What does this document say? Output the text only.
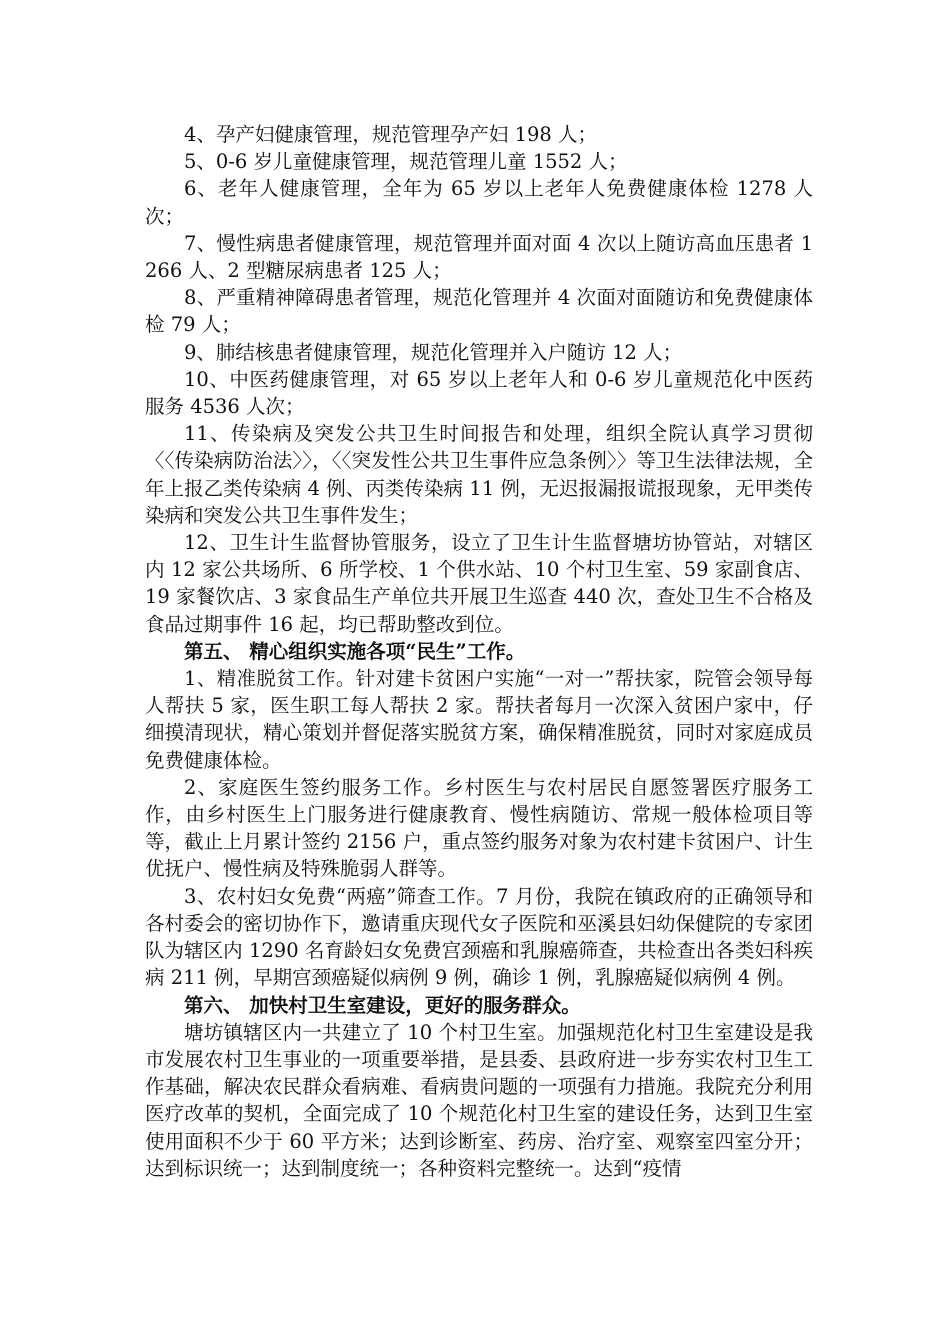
4、孕产妇健康管理，规范管理孕产妇 198 人；

5、0-6 岁儿童健康管理，规范管理儿童 1552 人；

6、老年人健康管理，全年为 65 岁以上老年人免费健康体检 1278 人次；

7、慢性病患者健康管理，规范管理并面对面 4 次以上随访高血压患者 1266 人、2 型糖尿病患者 125 人；

8、严重精神障碍患者管理，规范化管理并 4 次面对面随访和免费健康体检 79 人；

9、肺结核患者健康管理，规范化管理并入户随访 12 人；

10、中医药健康管理，对 65 岁以上老年人和 0-6 岁儿童规范化中医药服务 4536 人次；

11、传染病及突发公共卫生时间报告和处理，组织全院认真学习贯彻〈〈传染病防治法〉〉，〈〈突发性公共卫生事件应急条例〉〉等卫生法律法规，全年上报乙类传染病 4 例、丙类传染病 11 例，无迟报漏报谎报现象，无甲类传染病和突发公共卫生事件发生；

12、卫生计生监督协管服务，设立了卫生计生监督塘坊协管站，对辖区内 12 家公共场所、6 所学校、1 个供水站、10 个村卫生室、59 家副食店、19 家餐饮店、3 家食品生产单位共开展卫生巡查 440 次，查处卫生不合格及食品过期事件 16 起，均已帮助整改到位。

第五、 精心组织实施各项“民生”工作。

1、精准脱贫工作。针对建卡贫困户实施“一对一”帮扶家，院管会领导每人帮扶 5 家，医生职工每人帮扶 2 家。帮扶者每月一次深入贫困户家中，仔细摸清现状，精心策划并督促落实脱贫方案，确保精准脱贫，同时对家庭成员免费健康体检。

2、家庭医生签约服务工作。乡村医生与农村居民自愿签署医疗服务工作，由乡村医生上门服务进行健康教育、慢性病随访、常规一般体检项目等等，截止上月累计签约 2156 户，重点签约服务对象为农村建卡贫困户、计生优抚户、慢性病及特殊脆弱人群等。

3、农村妇女免费“两癌”筛查工作。7 月份，我院在镇政府的正确领导和各村委会的密切协作下，邀请重庆现代女子医院和巫溪县妇幼保健院的专家团队为辖区内 1290 名育龄妇女免费宫颈癌和乳腺癌筛查，共检查出各类妇科疾病 211 例，早期宫颈癌疑似病例 9 例，确诊 1 例，乳腺癌疑似病例 4 例。

第六、 加快村卫生室建设，更好的服务群众。

塘坊镇辖区内一共建立了 10 个村卫生室。加强规范化村卫生室建设是我市发展农村卫生事业的一项重要举措，是县委、县政府进一步夯实农村卫生工作基础，解决农民群众看病难、看病贵问题的一项强有力措施。我院充分利用医疗改革的契机，全面完成了 10 个规范化村卫生室的建设任务，达到卫生室使用面积不少于 60 平方米；达到诊断室、药房、治疗室、观察室四室分开；达到标识统一；达到制度统一；各种资料完整统一。达到“疫情
